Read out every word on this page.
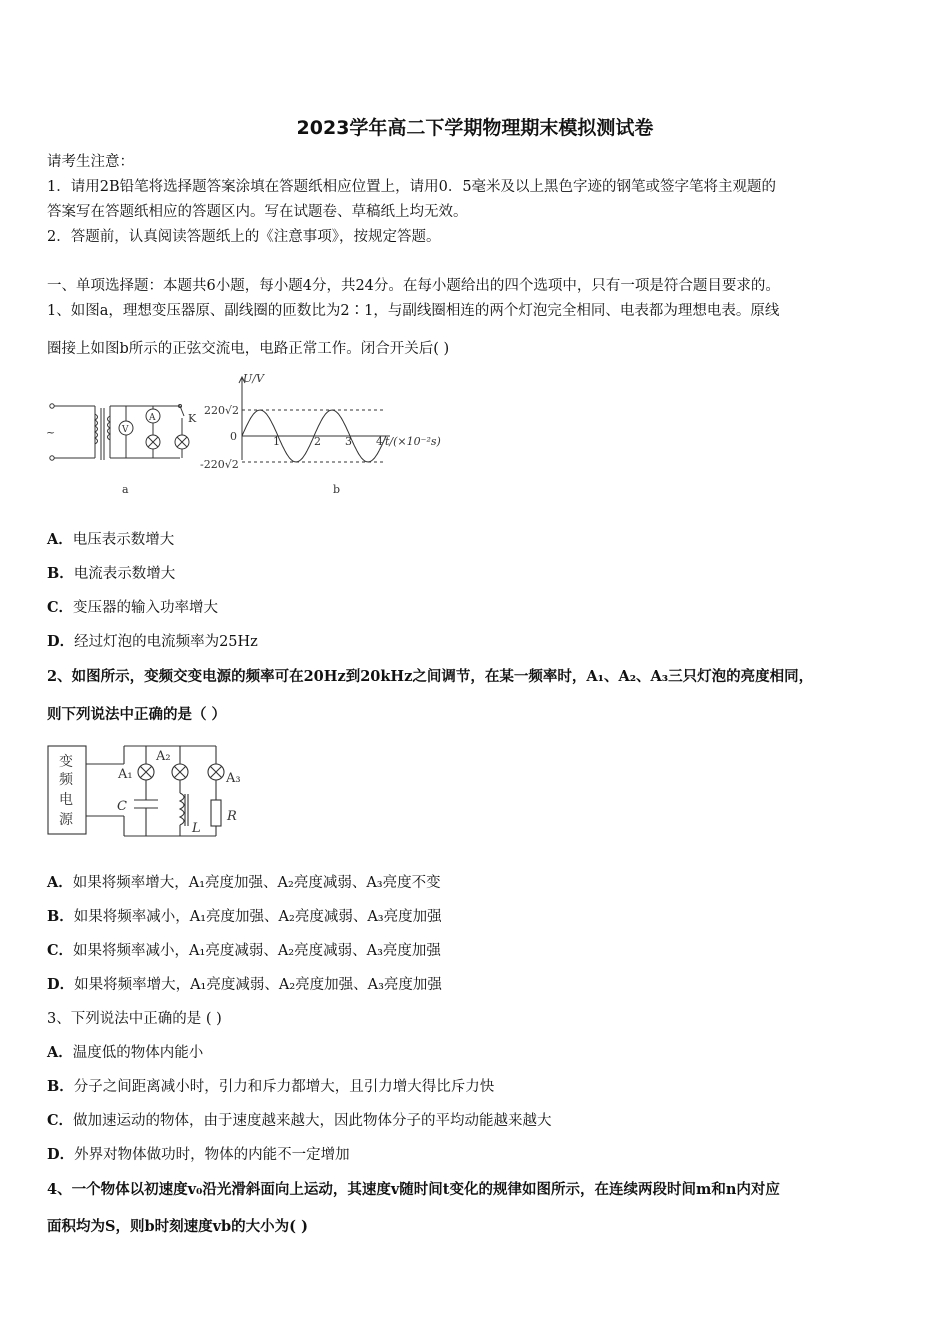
2023学年高二下学期物理期末模拟测试卷
请考生注意：
1．请用2B铅笔将选择题答案涂填在答题纸相应位置上，请用0．5毫米及以上黑色字迹的钢笔或签字笔将主观题的
答案写在答题纸相应的答题区内。写在试题卷、草稿纸上均无效。
2．答题前，认真阅读答题纸上的《注意事项》，按规定答题。
一、单项选择题：本题共6小题，每小题4分，共24分。在每小题给出的四个选项中，只有一项是符合题目要求的。
1、如图a，理想变压器原、副线圈的匝数比为2∶1，与副线圈相连的两个灯泡完全相同、电表都为理想电表。原线
圈接上如图b所示的正弦交流电，电路正常工作。闭合开关后( )
~	V
A	K
a
U/V
220√2
-220√2
0	1	2 3 4 t/(×10⁻²s)
b
A．电压表示数增大
B．电流表示数增大
C．变压器的输入功率增大
D．经过灯泡的电流频率为25Hz
2、如图所示，变频交变电源的频率可在20Hz到20kHz之间调节，在某一频率时，A₁、A₂、A₃三只灯泡的亮度相同，
则下列说法中正确的是（ ）
变
频
电
源
A₁
A₂
A₃
C
L
R
A．如果将频率增大，A₁亮度加强、A₂亮度减弱、A₃亮度不变
B．如果将频率减小，A₁亮度加强、A₂亮度减弱、A₃亮度加强
C．如果将频率减小，A₁亮度减弱、A₂亮度减弱、A₃亮度加强
D．如果将频率增大，A₁亮度减弱、A₂亮度加强、A₃亮度加强
3、下列说法中正确的是 ( )
A．温度低的物体内能小
B．分子之间距离减小时，引力和斥力都增大，且引力增大得比斥力快
C．做加速运动的物体，由于速度越来越大，因此物体分子的平均动能越来越大
D．外界对物体做功时，物体的内能不一定增加
4、一个物体以初速度v₀沿光滑斜面向上运动，其速度v随时间t变化的规律如图所示，在连续两段时间m和n内对应
面积均为S，则b时刻速度vb的大小为( )
